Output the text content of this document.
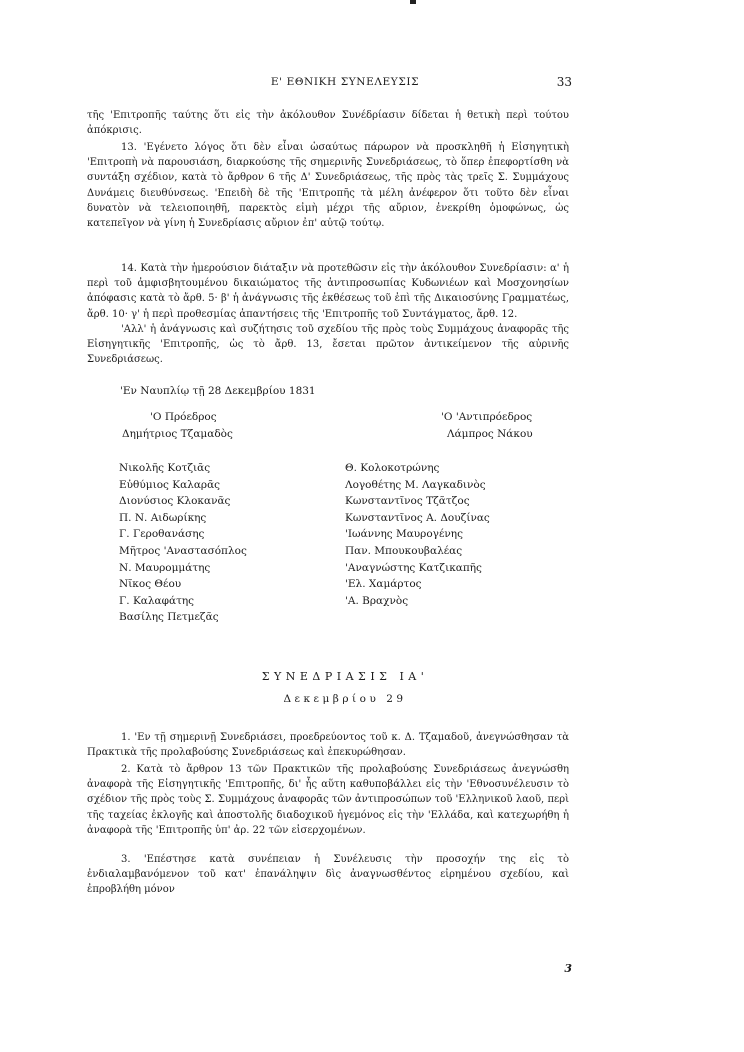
Ε' ΕΘΝΙΚΗ ΣΥΝΕΛΕΥΣΙΣ	33

τῆς 'Επιτροπῆς ταύτης ὅτι εἰς τὴν ἀκόλουθον Συνέδρίασιν δίδεται ἡ θετικὴ περὶ τούτου ἀπόκρισις.

13. 'Εγένετο λόγος ὅτι δὲν εἶναι ὡσαύτως πάρωρον νὰ προσκληθῆ ἡ Εἰσηγητικὴ 'Επιτροπὴ νὰ παρουσιάση, διαρκούσης τῆς σημερινῆς Συνεδριάσεως, τὸ ὅπερ ἐπεφορτίσθη νὰ συντάξη σχέδιον, κατὰ τὸ ἄρθρον 6 τῆς Δ' Συνεδριάσεως, τῆς πρὸς τὰς τρεῖς Σ. Συμμάχους Δυνάμεις διευθύνσεως. 'Επειδὴ δὲ τῆς 'Επιτροπῆς τὰ μέλη ἀνέφερον ὅτι τοῦτο δὲν εἶναι δυνατὸν νὰ τελειοποιηθῆ, παρεκτὸς εἰμὴ μέχρι τῆς αὔριον, ἐνεκρίθη ὁμοφώνως, ὡς κατεπεῖγον νὰ γίνη ἡ Συνεδρίασις αὔριον ἐπ' αὐτῷ τούτῳ.

14. Κατὰ τὴν ἡμερούσιον διάταξιν νὰ προτεθῶσιν εἰς τὴν ἀκόλουθον Συνεδρίασιν: α' ἡ περὶ τοῦ ἀμφισβητουμένου δικαιώματος τῆς ἀντιπροσωπίας Κυδωνιέων καὶ Μοσχονησίων ἀπόφασις κατὰ τὸ ἄρθ. 5· β' ἡ ἀνάγνωσις τῆς ἐκθέσεως τοῦ ἐπὶ τῆς Δικαιοσύνης Γραμματέως, ἄρθ. 10· γ' ἡ περὶ προθεσμίας ἀπαντήσεις τῆς 'Επιτροπῆς τοῦ Συντάγματος, ἄρθ. 12.

'Αλλ' ἡ ἀνάγνωσις καὶ συζήτησις τοῦ σχεδίου τῆς πρὸς τοὺς Συμμάχους ἀναφορᾶς τῆς Εἰσηγητικῆς 'Επιτροπῆς, ὡς τὸ ἄρθ. 13, ἔσεται πρῶτον ἀντικείμενον τῆς αὐρινῆς Συνεδριάσεως.

'Εν Ναυπλίῳ τῇ 28 Δεκεμβρίου 1831
'Ο Πρόεδρος
Δημήτριος Τζαμαδὸς
'Ο 'Αντιπρόεδρος
Λάμπρος Νάκου
Νικολῆς Κοτζιᾶς
Εὐθύμιος Καλαρᾶς
Διονύσιος Κλοκανᾶς
Π. Ν. Αιδωρίκης
Γ. Γεροθανάσης
Μῆτρος 'Αναστασόπλος
Ν. Μαυρομμάτης
Νῖκος Θέου
Γ. Καλαφάτης
Βασίλης Πετμεζᾶς
Θ. Κολοκοτρώνης
Λογοθέτης Μ. Λαγκαδινὸς
Κωνσταντῖνος Τζᾶτζος
Κωνσταντῖνος Α. Δουζίνας
'Ιωάννης Μαυρογένης
Παν. Μπουκουβαλέας
'Αναγνώστης Κατζικαπῆς
'Ελ. Χαμάρτος
'Α. Βραχνὸς
ΣΥΝΕΔΡΙΑΣΙΣ ΙΑ'
Δεκεμβρίου 29

1. 'Εν τῇ σημερινῇ Συνεδριάσει, προεδρεύοντος τοῦ κ. Δ. Τζαμαδοῦ, ἀνεγνώσθησαν τὰ Πρακτικὰ τῆς προλαβούσης Συνεδριάσεως καὶ ἐπεκυρώθησαν.

2. Κατὰ τὸ ἄρθρον 13 τῶν Πρακτικῶν τῆς προλαβούσης Συνεδριάσεως ἀνεγνώσθη ἀναφορὰ τῆς Εἰσηγητικῆς 'Επιτροπῆς, δι' ἧς αὕτη καθυποβάλλει εἰς τὴν 'Εθνοσυνέλευσιν τὸ σχέδιον τῆς πρὸς τοὺς Σ. Συμμάχους ἀναφορᾶς τῶν ἀντιπροσώπων τοῦ 'Ελληνικοῦ λαοῦ, περὶ τῆς ταχείας ἐκλογῆς καὶ ἀποστολῆς διαδοχικοῦ ἡγεμόνος εἰς τὴν 'Ελλάδα, καὶ κατεχωρήθη ἡ ἀναφορὰ τῆς 'Επιτροπῆς ὑπ' ἀρ. 22 τῶν εἰσερχομένων.

3. 'Επέστησε κατὰ συνέπειαν ἡ Συνέλευσις τὴν προσοχήν της εἰς τὸ ἐνδιαλαμβανόμενον τοῦ κατ' ἐπανάληψιν δὶς ἀναγνωσθέντος εἰρημένου σχεδίου, καὶ ἐπροβλήθη μόνον

3
